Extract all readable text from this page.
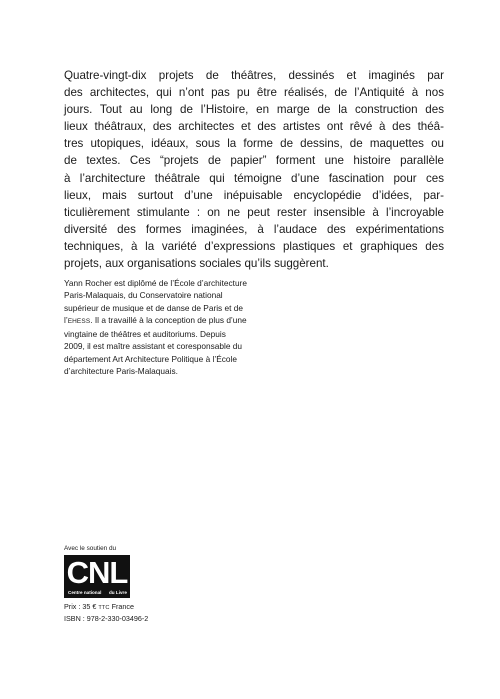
Quatre-vingt-dix projets de théâtres, dessinés et imaginés par
des architectes, qui n’ont pas pu être réalisés, de l’Antiquité à nos
jours. Tout au long de l’Histoire, en marge de la construction des
lieux théâtraux, des architectes et des artistes ont rêvé à des théâ-
tres utopiques, idéaux, sous la forme de dessins, de maquettes ou
de textes. Ces “projets de papier” forment une histoire parallèle
à l’architecture théâtrale qui témoigne d’une fascination pour ces
lieux, mais surtout d’une inépuisable encyclopédie d’idées, par-
ticulièrement stimulante : on ne peut rester insensible à l’incroyable
diversité des formes imaginées, à l’audace des expérimentations
techniques, à la variété d’expressions plastiques et graphiques des
projets, aux organisations sociales qu’ils suggèrent.
Yann Rocher est diplômé de l’École d’architecture
Paris-Malaquais, du Conservatoire national
supérieur de musique et de danse de Paris et de
l’EHESS. Il a travaillé à la conception de plus d’une
vingtaine de théâtres et auditoriums. Depuis
2009, il est maître assistant et coresponsable du
département Art Architecture Politique à l’École
d’architecture Paris-Malaquais.
Avec le soutien du
CNL
Centre national du Livre
Prix : 35 € TTC France
ISBN : 978-2-330-03496-2
